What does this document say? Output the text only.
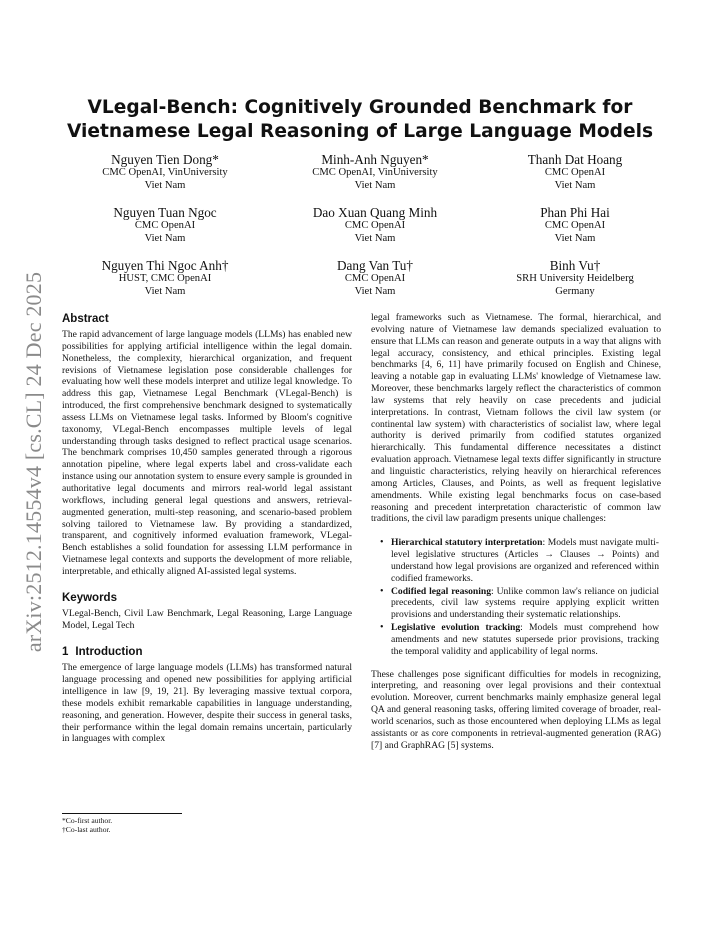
arXiv:2512.14554v4 [cs.CL] 24 Dec 2025
VLegal-Bench: Cognitively Grounded Benchmark for Vietnamese Legal Reasoning of Large Language Models
Nguyen Tien Dong*
CMC OpenAI, VinUniversity
Viet Nam
Minh-Anh Nguyen*
CMC OpenAI, VinUniversity
Viet Nam
Thanh Dat Hoang
CMC OpenAI
Viet Nam
Nguyen Tuan Ngoc
CMC OpenAI
Viet Nam
Dao Xuan Quang Minh
CMC OpenAI
Viet Nam
Phan Phi Hai
CMC OpenAI
Viet Nam
Nguyen Thi Ngoc Anh†
HUST, CMC OpenAI
Viet Nam
Dang Van Tu†
CMC OpenAI
Viet Nam
Binh Vu†
SRH University Heidelberg
Germany
Abstract

The rapid advancement of large language models (LLMs) has enabled new possibilities for applying artificial intelligence within the legal domain. Nonetheless, the complexity, hierarchical organization, and frequent revisions of Vietnamese legislation pose considerable challenges for evaluating how well these models interpret and utilize legal knowledge. To address this gap, Vietnamese Legal Benchmark (VLegal-Bench) is introduced, the first comprehensive benchmark designed to systematically assess LLMs on Vietnamese legal tasks. Informed by Bloom's cognitive taxonomy, VLegal-Bench encompasses multiple levels of legal understanding through tasks designed to reflect practical usage scenarios. The benchmark comprises 10,450 samples generated through a rigorous annotation pipeline, where legal experts label and cross-validate each instance using our annotation system to ensure every sample is grounded in authoritative legal documents and mirrors real-world legal assistant workflows, including general legal questions and answers, retrieval-augmented generation, multi-step reasoning, and scenario-based problem solving tailored to Vietnamese law. By providing a standardized, transparent, and cognitively informed evaluation framework, VLegal-Bench establishes a solid foundation for assessing LLM performance in Vietnamese legal contexts and supports the development of more reliable, interpretable, and ethically aligned AI-assisted legal systems.

Keywords

VLegal-Bench, Civil Law Benchmark, Legal Reasoning, Large Language Model, Legal Tech

1 Introduction

The emergence of large language models (LLMs) has transformed natural language processing and opened new possibilities for applying artificial intelligence in law [9, 19, 21]. By leveraging massive textual corpora, these models exhibit remarkable capabilities in language understanding, reasoning, and generation. However, despite their success in general tasks, their performance within the legal domain remains uncertain, particularly in languages with complex

legal frameworks such as Vietnamese. The formal, hierarchical, and evolving nature of Vietnamese law demands specialized evaluation to ensure that LLMs can reason and generate outputs in a way that aligns with legal accuracy, consistency, and ethical principles. Existing legal benchmarks [4, 6, 11] have primarily focused on English and Chinese, leaving a notable gap in evaluating LLMs' knowledge of Vietnamese law. Moreover, these benchmarks largely reflect the characteristics of common law systems that rely heavily on case precedents and judicial interpretations. In contrast, Vietnam follows the civil law system (or continental law system) with characteristics of socialist law, where legal authority is derived primarily from codified statutes organized hierarchically. This fundamental difference necessitates a distinct evaluation approach. Vietnamese legal texts differ significantly in structure and linguistic characteristics, relying heavily on hierarchical references among Articles, Clauses, and Points, as well as frequent legislative amendments. While existing legal benchmarks focus on case-based reasoning and precedent interpretation characteristic of common law traditions, the civil law paradigm presents unique challenges:

• Hierarchical statutory interpretation: Models must navigate multi-level legislative structures (Articles → Clauses → Points) and understand how legal provisions are organized and referenced within codified frameworks.
• Codified legal reasoning: Unlike common law's reliance on judicial precedents, civil law systems require applying explicit written provisions and understanding their systematic relationships.
• Legislative evolution tracking: Models must comprehend how amendments and new statutes supersede prior provisions, tracking the temporal validity and applicability of legal norms.

These challenges pose significant difficulties for models in recognizing, interpreting, and reasoning over legal provisions and their contextual evolution. Moreover, current benchmarks mainly emphasize general legal QA and general reasoning tasks, offering limited coverage of broader, real-world scenarios, such as those encountered when deploying LLMs as legal assistants or as core components in retrieval-augmented generation (RAG) [7] and GraphRAG [5] systems.

*Co-first author.
†Co-last author.
